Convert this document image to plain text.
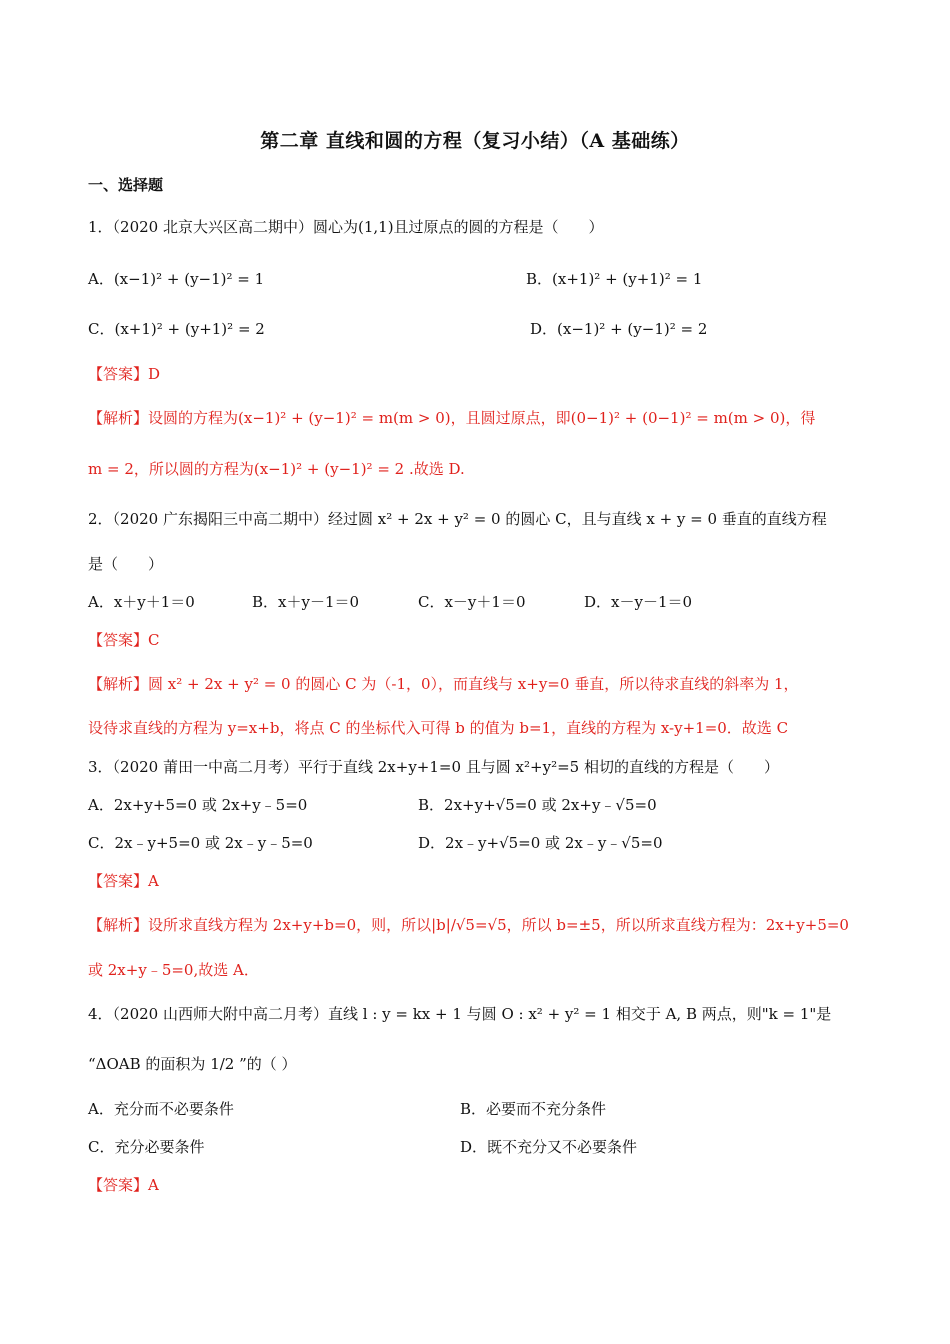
第二章 直线和圆的方程（复习小结）（A 基础练）
一、选择题
1．（2020 北京大兴区高二期中）圆心为(1,1)且过原点的圆的方程是（　　）
A．(x−1)² + (y−1)² = 1	B．(x+1)² + (y+1)² = 1
C．(x+1)² + (y+1)² = 2	D．(x−1)² + (y−1)² = 2
【答案】D
【解析】设圆的方程为(x−1)² + (y−1)² = m(m > 0)，且圆过原点，即(0−1)² + (0−1)² = m(m > 0)，得
m = 2，所以圆的方程为(x−1)² + (y−1)² = 2 .故选 D.
2．（2020 广东揭阳三中高二期中）经过圆 x² + 2x + y² = 0 的圆心 C，且与直线 x + y = 0 垂直的直线方程
是（　　）
A．x＋y＋1＝0	B．x＋y－1＝0	C．x－y＋1＝0	D．x－y－1＝0
【答案】C
【解析】圆 x² + 2x + y² = 0 的圆心 C 为（-1，0），而直线与 x+y=0 垂直，所以待求直线的斜率为 1，
设待求直线的方程为 y=x+b，将点 C 的坐标代入可得 b 的值为 b=1，直线的方程为 x-y+1=0．故选 C
3．（2020 莆田一中高二月考）平行于直线 2x+y+1=0 且与圆 x²+y²=5 相切的直线的方程是（　　）
A．2x+y+5=0 或 2x+y﹣5=0	B．2x+y+√5=0 或 2x+y﹣√5=0
C．2x﹣y+5=0 或 2x﹣y﹣5=0	D．2x﹣y+√5=0 或 2x﹣y﹣√5=0
【答案】A
【解析】设所求直线方程为 2x+y+b=0，则，所以|b|/√5=√5，所以 b=±5，所以所求直线方程为：2x+y+5=0
或 2x+y﹣5=0,故选 A．
4．（2020 山西师大附中高二月考）直线 l : y = kx + 1 与圆 O : x² + y² = 1 相交于 A, B 两点，则"k = 1"是
“ΔOAB 的面积为 1/2 ”的（ ）
A．充分而不必要条件	B．必要而不充分条件
C．充分必要条件	D．既不充分又不必要条件
【答案】A
